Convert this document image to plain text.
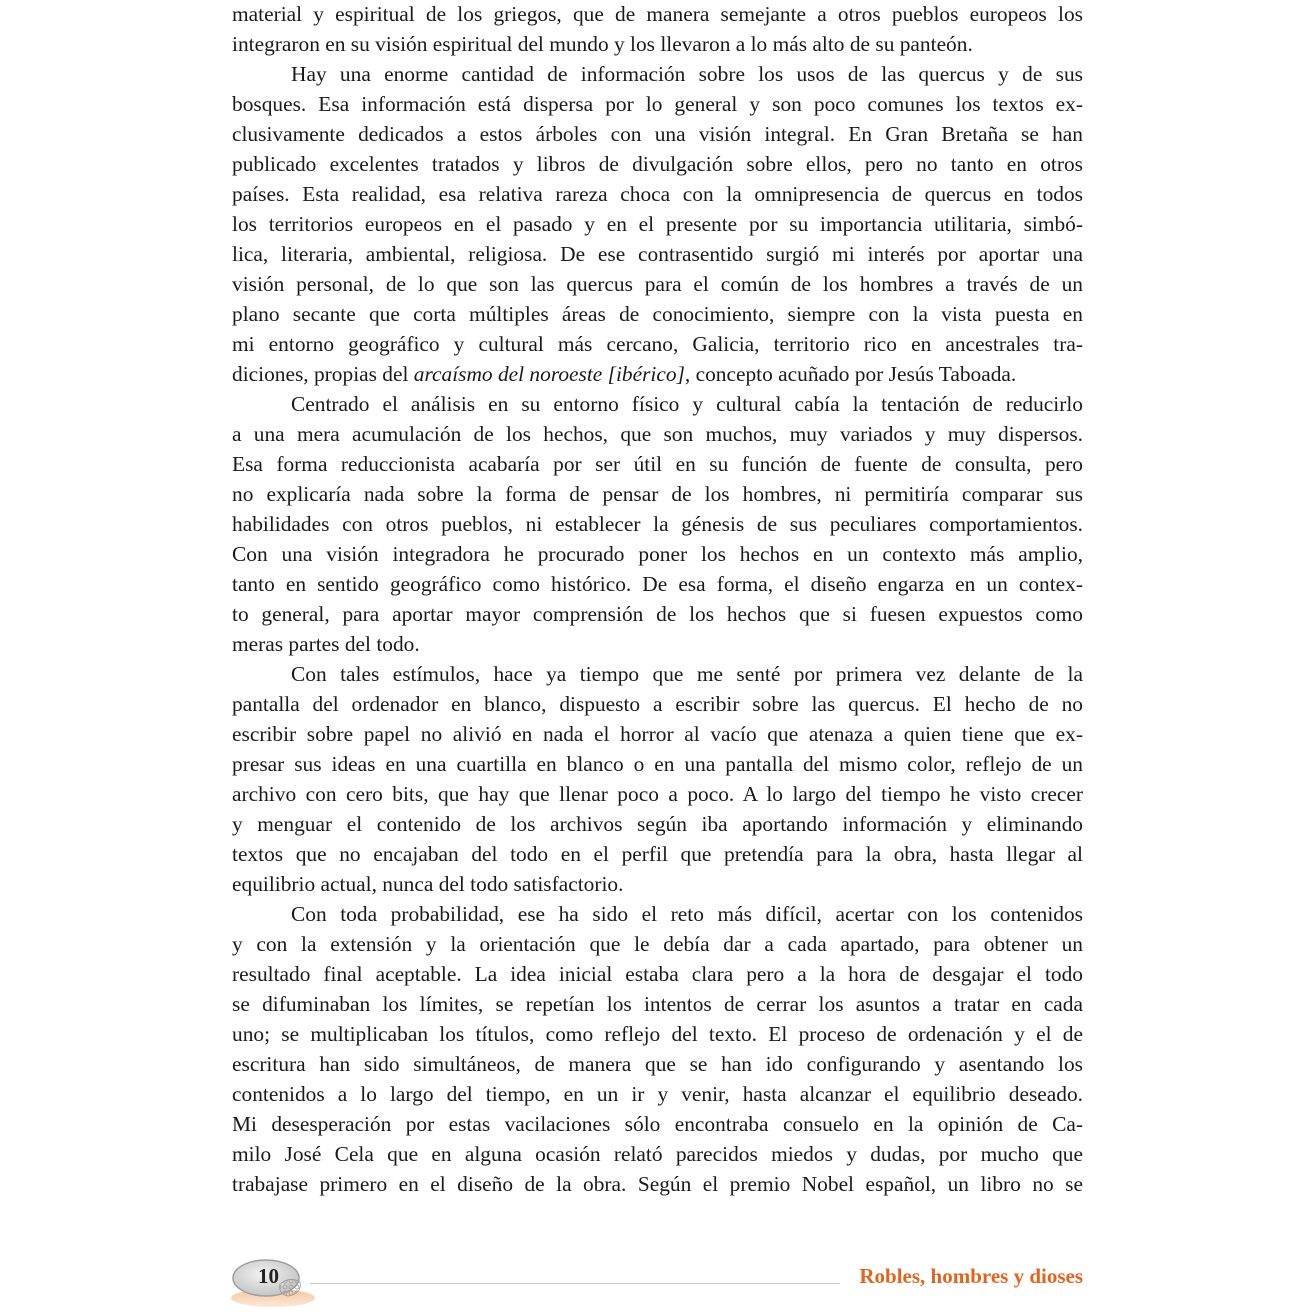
material y espiritual de los griegos, que de manera semejante a otros pueblos europeos los
integraron en su visión espiritual del mundo y los llevaron a lo más alto de su panteón.
Hay una enorme cantidad de información sobre los usos de las quercus y de sus
bosques. Esa información está dispersa por lo general y son poco comunes los textos ex-
clusivamente dedicados a estos árboles con una visión integral. En Gran Bretaña se han
publicado excelentes tratados y libros de divulgación sobre ellos, pero no tanto en otros
países. Esta realidad, esa relativa rareza choca con la omnipresencia de quercus en todos
los territorios europeos en el pasado y en el presente por su importancia utilitaria, simbó-
lica, literaria, ambiental, religiosa. De ese contrasentido surgió mi interés por aportar una
visión personal, de lo que son las quercus para el común de los hombres a través de un
plano secante que corta múltiples áreas de conocimiento, siempre con la vista puesta en
mi entorno geográfico y cultural más cercano, Galicia, territorio rico en ancestrales tra-
diciones, propias del arcaísmo del noroeste [ibérico], concepto acuñado por Jesús Taboada.
Centrado el análisis en su entorno físico y cultural cabía la tentación de reducirlo
a una mera acumulación de los hechos, que son muchos, muy variados y muy dispersos.
Esa forma reduccionista acabaría por ser útil en su función de fuente de consulta, pero
no explicaría nada sobre la forma de pensar de los hombres, ni permitiría comparar sus
habilidades con otros pueblos, ni establecer la génesis de sus peculiares comportamientos.
Con una visión integradora he procurado poner los hechos en un contexto más amplio,
tanto en sentido geográfico como histórico. De esa forma, el diseño engarza en un contex-
to general, para aportar mayor comprensión de los hechos que si fuesen expuestos como
meras partes del todo.
Con tales estímulos, hace ya tiempo que me senté por primera vez delante de la
pantalla del ordenador en blanco, dispuesto a escribir sobre las quercus. El hecho de no
escribir sobre papel no alivió en nada el horror al vacío que atenaza a quien tiene que ex-
presar sus ideas en una cuartilla en blanco o en una pantalla del mismo color, reflejo de un
archivo con cero bits, que hay que llenar poco a poco. A lo largo del tiempo he visto crecer
y menguar el contenido de los archivos según iba aportando información y eliminando
textos que no encajaban del todo en el perfil que pretendía para la obra, hasta llegar al
equilibrio actual, nunca del todo satisfactorio.
Con toda probabilidad, ese ha sido el reto más difícil, acertar con los contenidos
y con la extensión y la orientación que le debía dar a cada apartado, para obtener un
resultado final aceptable. La idea inicial estaba clara pero a la hora de desgajar el todo
se difuminaban los límites, se repetían los intentos de cerrar los asuntos a tratar en cada
uno; se multiplicaban los títulos, como reflejo del texto. El proceso de ordenación y el de
escritura han sido simultáneos, de manera que se han ido configurando y asentando los
contenidos a lo largo del tiempo, en un ir y venir, hasta alcanzar el equilibrio deseado.
Mi desesperación por estas vacilaciones sólo encontraba consuelo en la opinión de Ca-
milo José Cela que en alguna ocasión relató parecidos miedos y dudas, por mucho que
trabajase primero en el diseño de la obra. Según el premio Nobel español, un libro no se
10	Robles, hombres y dioses
